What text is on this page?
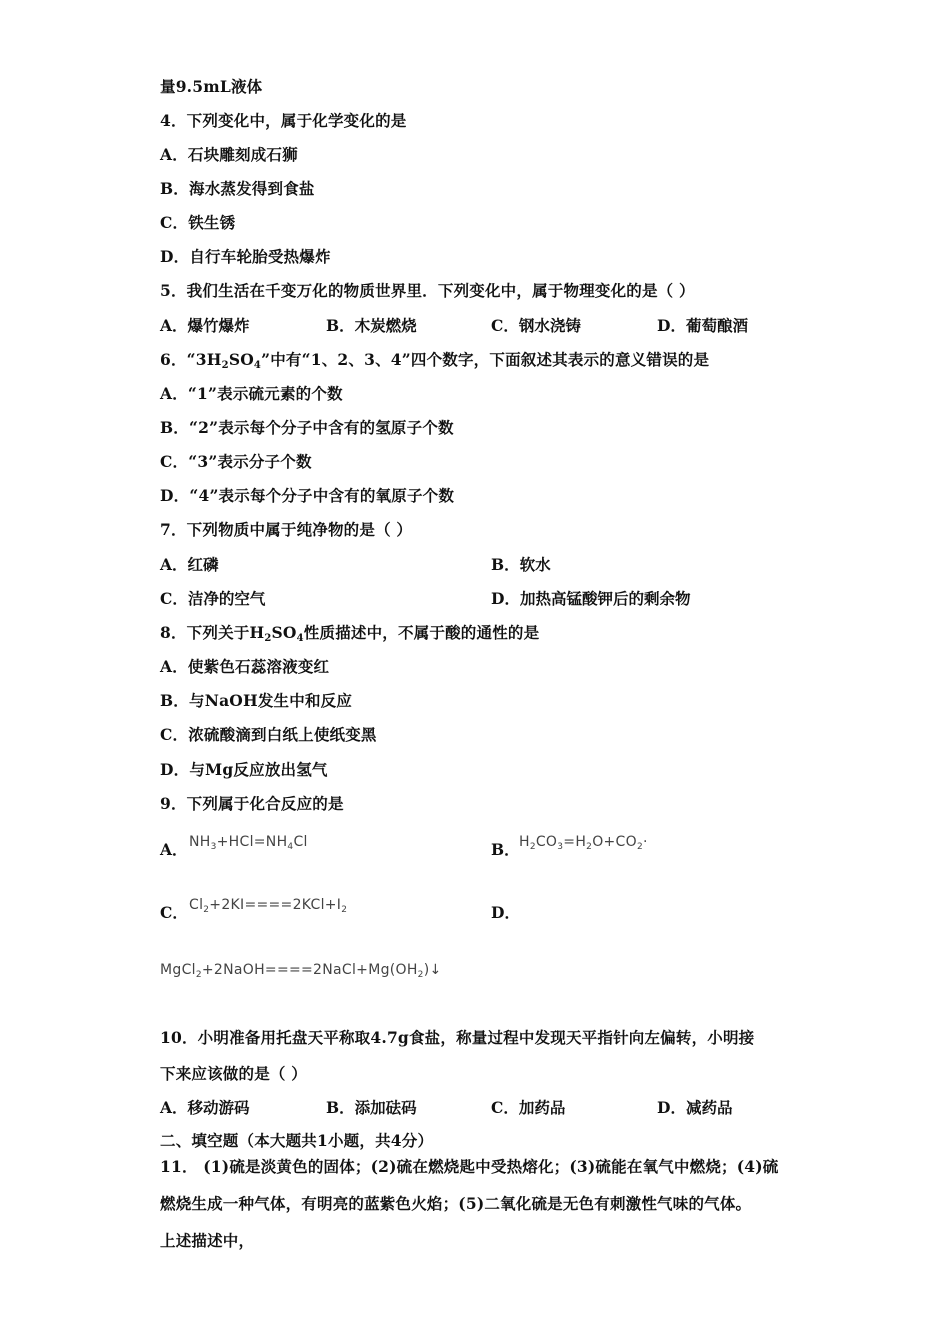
量9.5mL液体
4．下列变化中，属于化学变化的是
A．石块雕刻成石狮
B．海水蒸发得到食盐
C．铁生锈
D．自行车轮胎受热爆炸
5．我们生活在千变万化的物质世界里．下列变化中，属于物理变化的是（ ）
A．爆竹爆炸	B．木炭燃烧	C．钢水浇铸	D．葡萄酿酒
6．“$3H_2SO_4$”中有“1、2、3、4”四个数字，下面叙述其表示的意义错误的是
A．“1”表示硫元素的个数
B．“2”表示每个分子中含有的氢原子个数
C．“3”表示分子个数
D．“4”表示每个分子中含有的氧原子个数
7．下列物质中属于纯净物的是（ ）
A．红磷	B．软水
C．洁净的空气	D．加热高锰酸钾后的剩余物
8．下列关于$H_2SO_4$性质描述中，不属于酸的通性的是
A．使紫色石蕊溶液变红
B．与NaOH发生中和反应
C．浓硫酸滴到白纸上使纸变黑
D．与Mg反应放出氢气
9．下列属于化合反应的是
A． $NH_3+HCl=NH_4Cl$	B． $H_2CO_3=H_2O+CO_2\cdot$
C． $Cl_2+2KI====2KCl+I_2$	D．
$MgCl_2+2NaOH====2NaCl+Mg(OH_2)↓$
10．小明准备用托盘天平称取4.7g食盐，称量过程中发现天平指针向左偏转，小明接
下来应该做的是（ ）
A．移动游码	B．添加砝码	C．加药品	D．减药品
二、填空题（本大题共1小题，共4分）
11． (1)硫是淡黄色的固体；(2)硫在燃烧匙中受热熔化；(3)硫能在氧气中燃烧；(4)硫
燃烧生成一种气体，有明亮的蓝紫色火焰；(5)二氧化硫是无色有刺激性气味的气体。
上述描述中，
